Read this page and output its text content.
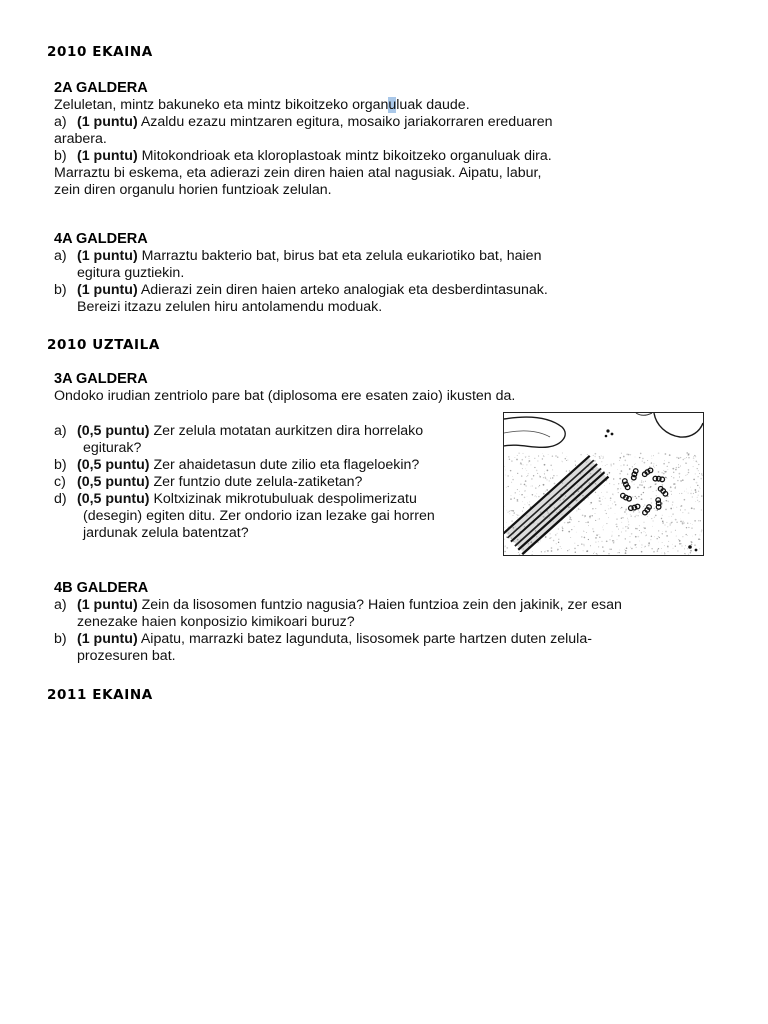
2010 EKAINA
2A GALDERA
Zeluletan, mintz bakuneko eta mintz bikoitzeko organuluak daude.
a) (1 puntu) Azaldu ezazu mintzaren egitura, mosaiko jariakorraren ereduaren
arabera.
b) (1 puntu) Mitokondrioak eta kloroplastoak mintz bikoitzeko organuluak dira.
Marraztu bi eskema, eta adierazi zein diren haien atal nagusiak. Aipatu, labur,
zein diren organulu horien funtzioak zelulan.
4A GALDERA
a) (1 puntu) Marraztu bakterio bat, birus bat eta zelula eukariotiko bat, haien
egitura guztiekin.
b) (1 puntu) Adierazi zein diren haien arteko analogiak eta desberdintasunak.
Bereizi itzazu zelulen hiru antolamendu moduak.
2010 UZTAILA
3A GALDERA
Ondoko irudian zentriolo pare bat (diplosoma ere esaten zaio) ikusten da.
a) (0,5 puntu) Zer zelula motatan aurkitzen dira horrelako
egiturak?
b) (0,5 puntu) Zer ahaidetasun dute zilio eta flageloekin?
c) (0,5 puntu) Zer funtzio dute zelula-zatiketan?
d) (0,5 puntu) Koltxizinak mikrotubuluak despolimerizatu
(desegin) egiten ditu. Zer ondorio izan lezake gai horren
jardunak zelula batentzat?
4B GALDERA
a) (1 puntu) Zein da lisosomen funtzio nagusia? Haien funtzioa zein den jakinik, zer esan
zenezake haien konposizio kimikoari buruz?
b) (1 puntu) Aipatu, marrazki batez lagunduta, lisosomek parte hartzen duten zelula-
prozesuren bat.
2011 EKAINA
